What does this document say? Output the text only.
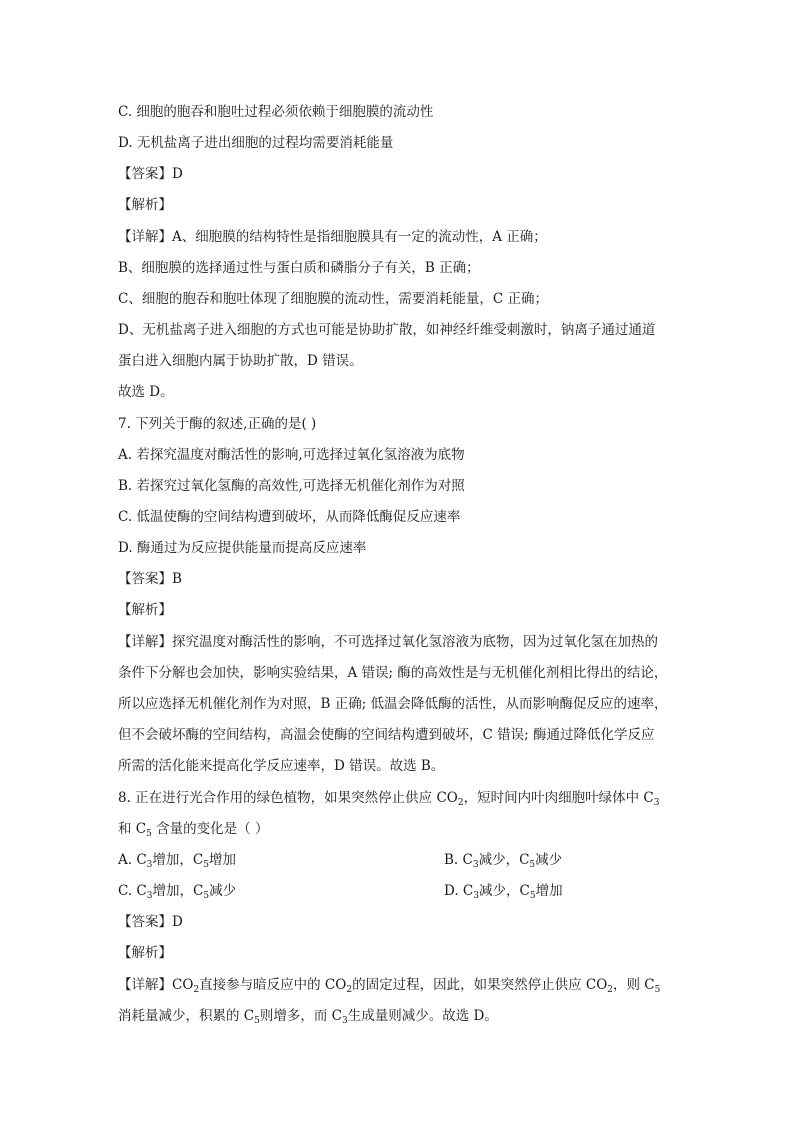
C. 细胞的胞吞和胞吐过程必须依赖于细胞膜的流动性
D. 无机盐离子进出细胞的过程均需要消耗能量
【答案】D
【解析】
【详解】A、细胞膜的结构特性是指细胞膜具有一定的流动性，A 正确；
B、细胞膜的选择通过性与蛋白质和磷脂分子有关，B 正确；
C、细胞的胞吞和胞吐体现了细胞膜的流动性，需要消耗能量，C 正确；
D、无机盐离子进入细胞的方式也可能是协助扩散，如神经纤维受刺激时，钠离子通过通道
蛋白进入细胞内属于协助扩散，D 错误。
故选 D。
7. 下列关于酶的叙述,正确的是( )
A. 若探究温度对酶活性的影响,可选择过氧化氢溶液为底物
B. 若探究过氧化氢酶的高效性,可选择无机催化剂作为对照
C. 低温使酶的空间结构遭到破坏，从而降低酶促反应速率
D. 酶通过为反应提供能量而提高反应速率
【答案】B
【解析】
【详解】探究温度对酶活性的影响，不可选择过氧化氢溶液为底物，因为过氧化氢在加热的
条件下分解也会加快，影响实验结果，A 错误; 酶的高效性是与无机催化剂相比得出的结论，
所以应选择无机催化剂作为对照，B 正确; 低温会降低酶的活性，从而影响酶促反应的速率，
但不会破坏酶的空间结构，高温会使酶的空间结构遭到破坏，C 错误; 酶通过降低化学反应
所需的活化能来提高化学反应速率，D 错误。故选 B。
8. 正在进行光合作用的绿色植物，如果突然停止供应 $CO_2$，短时间内叶肉细胞叶绿体中 $C_3$
和 $C_5$ 含量的变化是（ ）
A. $C_3$增加，$C_5$增加	B. $C_3$减少，$C_5$减少
C. $C_3$增加，$C_5$减少	D. $C_3$减少，$C_5$增加
【答案】D
【解析】
【详解】$CO_2$直接参与暗反应中的 $CO_2$的固定过程，因此，如果突然停止供应 $CO_2$，则 $C_5$
消耗量减少，积累的 $C_5$则增多，而 $C_3$生成量则减少。故选 D。
